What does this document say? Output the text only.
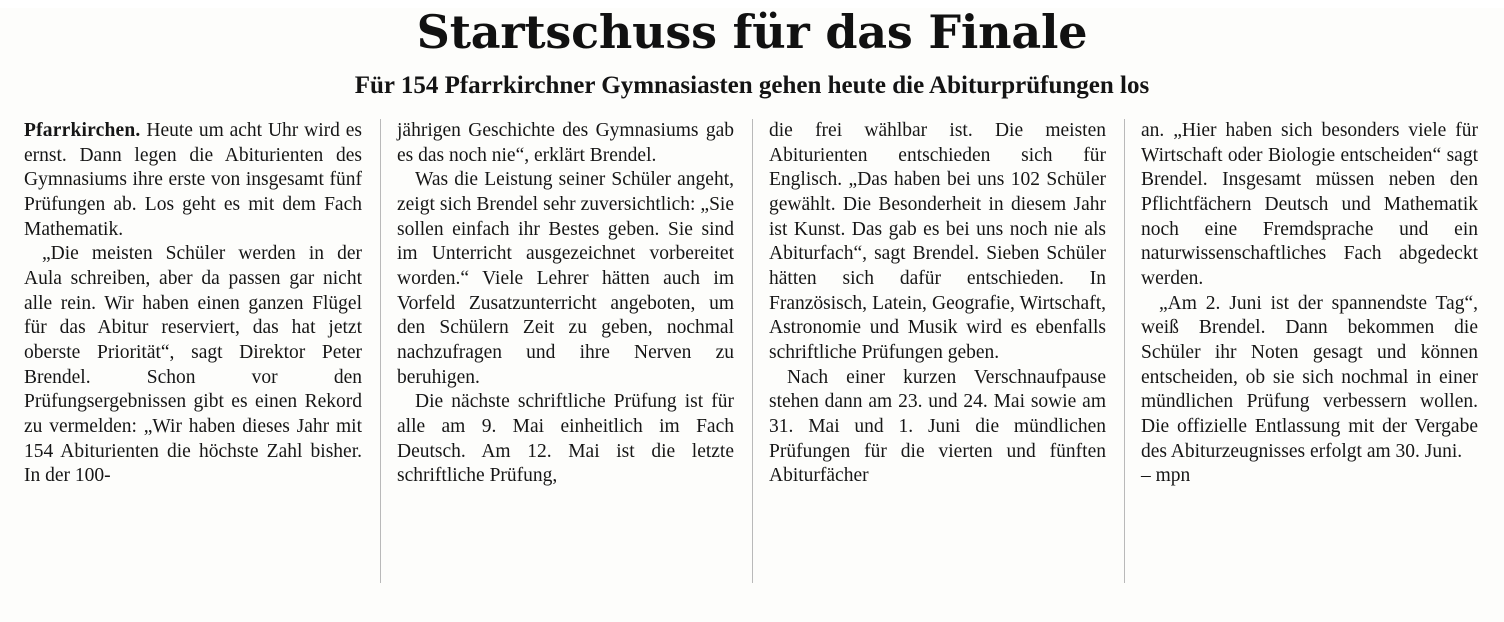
Startschuss für das Finale
Für 154 Pfarrkirchner Gymnasiasten gehen heute die Abiturprüfungen los

Pfarrkirchen. Heute um acht Uhr wird es ernst. Dann legen die Abiturienten des Gymnasiums ihre erste von insgesamt fünf Prüfungen ab. Los geht es mit dem Fach Mathematik.

„Die meisten Schüler werden in der Aula schreiben, aber da passen gar nicht alle rein. Wir haben einen ganzen Flügel für das Abitur reserviert, das hat jetzt oberste Priorität“, sagt Direktor Peter Brendel. Schon vor den Prüfungsergebnissen gibt es einen Rekord zu vermelden: „Wir haben dieses Jahr mit 154 Abiturienten die höchste Zahl bisher. In der 100-

jährigen Geschichte des Gymnasiums gab es das noch nie“, erklärt Brendel.

Was die Leistung seiner Schüler angeht, zeigt sich Brendel sehr zuversichtlich: „Sie sollen einfach ihr Bestes geben. Sie sind im Unterricht ausgezeichnet vorbereitet worden.“ Viele Lehrer hätten auch im Vorfeld Zusatzunterricht angeboten, um den Schülern Zeit zu geben, nochmal nachzufragen und ihre Nerven zu beruhigen.

Die nächste schriftliche Prüfung ist für alle am 9. Mai einheitlich im Fach Deutsch. Am 12. Mai ist die letzte schriftliche Prüfung,

die frei wählbar ist. Die meisten Abiturienten entschieden sich für Englisch. „Das haben bei uns 102 Schüler gewählt. Die Besonderheit in diesem Jahr ist Kunst. Das gab es bei uns noch nie als Abiturfach“, sagt Brendel. Sieben Schüler hätten sich dafür entschieden. In Französisch, Latein, Geografie, Wirtschaft, Astronomie und Musik wird es ebenfalls schriftliche Prüfungen geben.

Nach einer kurzen Verschnaufpause stehen dann am 23. und 24. Mai sowie am 31. Mai und 1. Juni die mündlichen Prüfungen für die vierten und fünften Abiturfächer

an. „Hier haben sich besonders viele für Wirtschaft oder Biologie entscheiden“ sagt Brendel. Insgesamt müssen neben den Pflichtfächern Deutsch und Mathematik noch eine Fremdsprache und ein naturwissenschaftliches Fach abgedeckt werden.

„Am 2. Juni ist der spannendste Tag“, weiß Brendel. Dann bekommen die Schüler ihr Noten gesagt und können entscheiden, ob sie sich nochmal in einer mündlichen Prüfung verbessern wollen. Die offizielle Entlassung mit der Vergabe des Abiturzeugnisses erfolgt am 30. Juni.

– mpn
